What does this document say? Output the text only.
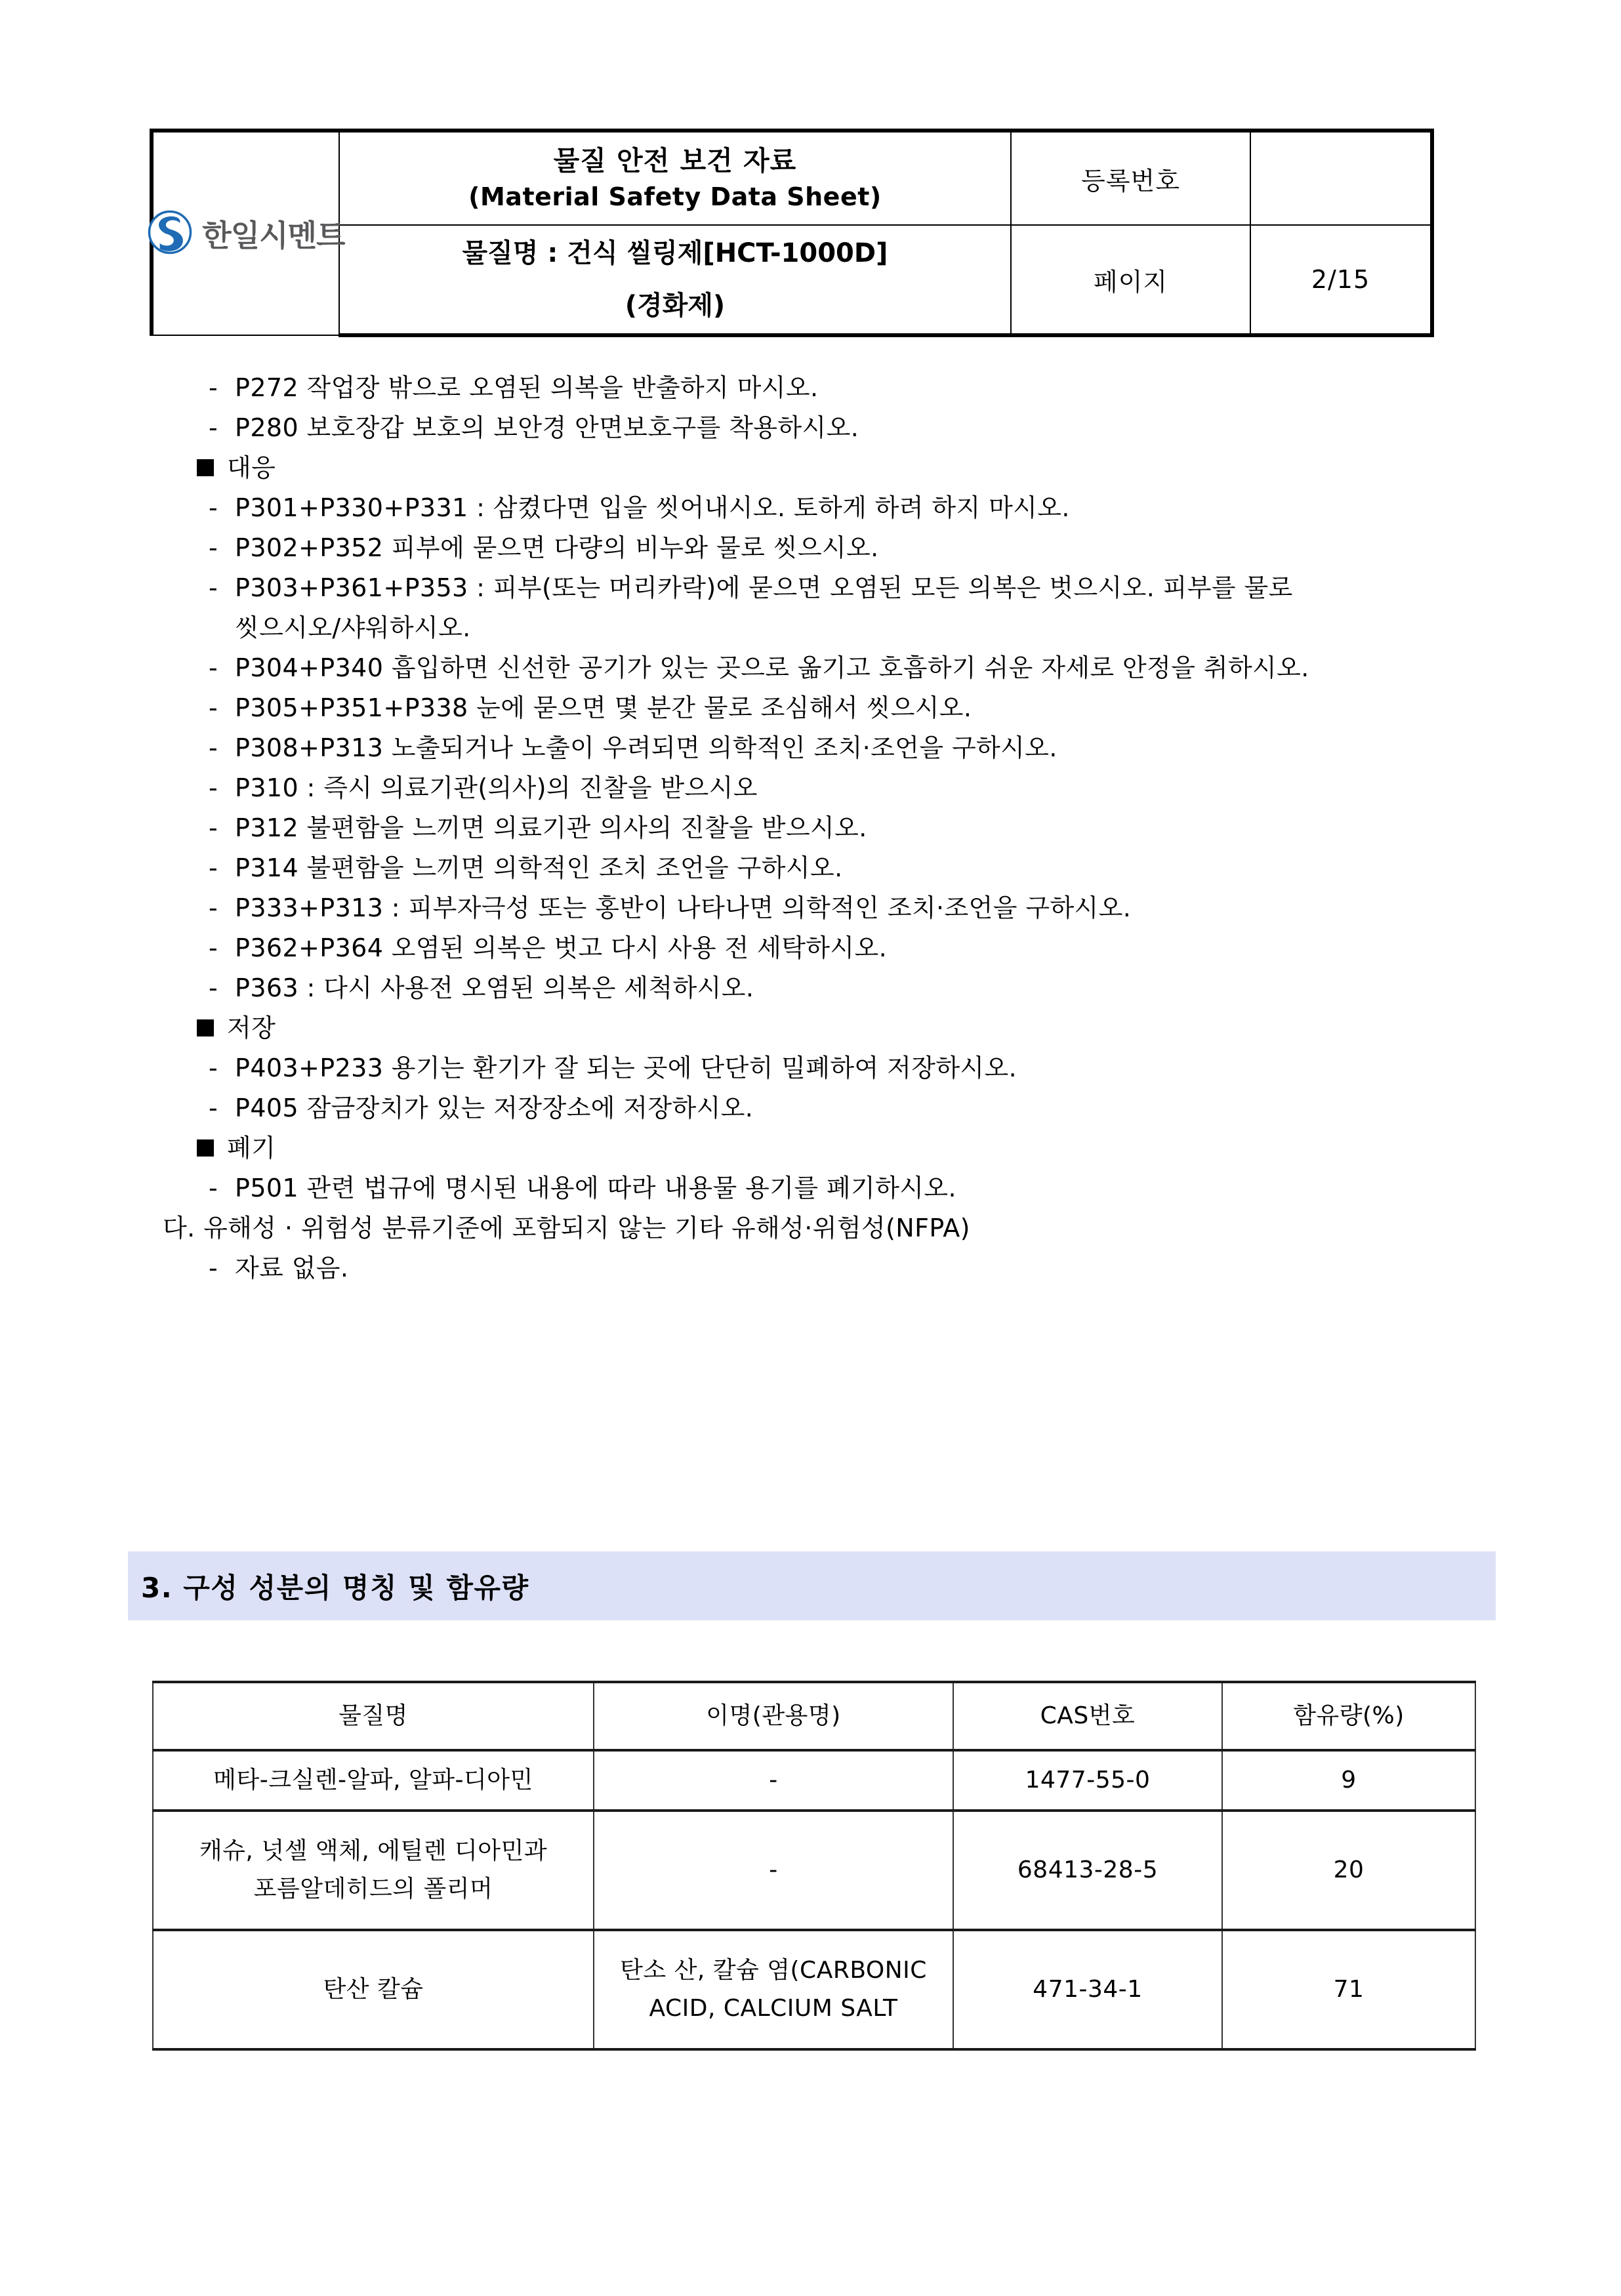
한일시멘트	물질 안전 보건 자료
(Material Safety Data Sheet)	등록번호	

	물질명 : 건식 씰링제[HCT-1000D]
(경화제)	페이지	2/15
- P272 작업장 밖으로 오염된 의복을 반출하지 마시오.
- P280 보호장갑 보호의 보안경 안면보호구를 착용하시오.
대응
- P301+P330+P331 : 삼켰다면 입을 씻어내시오. 토하게 하려 하지 마시오.
- P302+P352 피부에 묻으면 다량의 비누와 물로 씻으시오.
- P303+P361+P353 : 피부(또는 머리카락)에 묻으면 오염된 모든 의복은 벗으시오. 피부를 물로
씻으시오/샤워하시오.
- P304+P340 흡입하면 신선한 공기가 있는 곳으로 옮기고 호흡하기 쉬운 자세로 안정을 취하시오.
- P305+P351+P338 눈에 묻으면 몇 분간 물로 조심해서 씻으시오.
- P308+P313 노출되거나 노출이 우려되면 의학적인 조치·조언을 구하시오.
- P310 : 즉시 의료기관(의사)의 진찰을 받으시오
- P312 불편함을 느끼면 의료기관 의사의 진찰을 받으시오.
- P314 불편함을 느끼면 의학적인 조치 조언을 구하시오.
- P333+P313 : 피부자극성 또는 홍반이 나타나면 의학적인 조치·조언을 구하시오.
- P362+P364 오염된 의복은 벗고 다시 사용 전 세탁하시오.
- P363 : 다시 사용전 오염된 의복은 세척하시오.
저장
- P403+P233 용기는 환기가 잘 되는 곳에 단단히 밀폐하여 저장하시오.
- P405 잠금장치가 있는 저장장소에 저장하시오.
폐기
- P501 관련 법규에 명시된 내용에 따라 내용물 용기를 폐기하시오.
다. 유해성 · 위험성 분류기준에 포함되지 않는 기타 유해성·위험성(NFPA)
- 자료 없음.
3. 구성 성분의 명칭 및 함유량
물질명	이명(관용명)	CAS번호	함유량(%)
메타-크실렌-알파, 알파-디아민	-	1477-55-0	9

캐슈, 넛셀 액체, 에틸렌 디아민과
포름알데히드의 폴리머	-	68413-28-5	20
탄산 칼슘	탄소 산, 칼슘 염(CARBONIC
ACID, CALCIUM SALT	471-34-1	71
